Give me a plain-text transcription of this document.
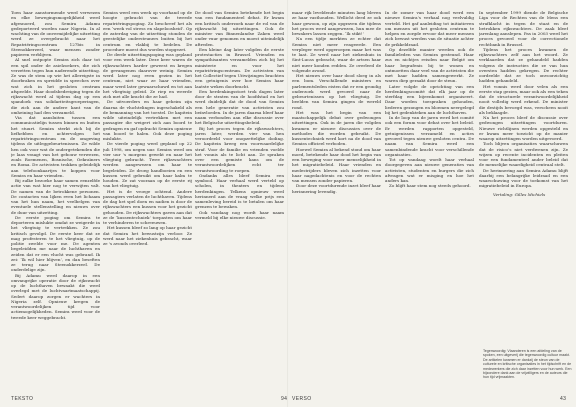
Toen haar aanstormende werd verwezen en elke bewegingsmogelijkheid werd afgesnoerd, zou Semira Adamu gedeporteerd worden naar Nigeria. In al wachting van de onvermijdelijke uitzetting werd ze overgebracht naar het Repatriëringscentrum 127bis in Steenokkerzeel, waar mensen zonder papieren verblijven.

Al snel ontpopte Semira zich daar tot een spil onder de asielzoekers, die zich verzetten tegen hun naderende uitzetting. Ze was de stem op wie het allereigste in doorbraken en spreidde in speeches over wat zich in het gesloten centrum afspeelde. Haar doodsbedreiging tegen de rijkswacht werd al tijdens dag op een spandoek van solidariteitsgroeperingen, die zich aan de andere kant van de omheining had den verzameld.

Via dat aansluiten tussen een communicatielijn tussen binnen en buiten het stuurt. Semira sterkt zich bij de liefhebben en achtervolgen het repatriëringscentrum en de omgeving tijdens de uitleggebeurtenissen. Ze wilde hen ook voor wat de ondergetekenden die je laas vraagt van het gebouw verwezen, zoals Roemenen, Bosnische, Oekraïners en Roma. De activisten trokken geleidelijk aan telefoonkaartjes te koppen voor Semira en haar vrienden.

Bij zulke bezoeke haar samen eenzelfde actie van wat hier nog te verwijten valt. De namen van de betrokkene personen. De contacten van lijken even het lichaam van het hun naam, het veelbelgen van eventuele stellenstelling en nieuws over de duur van uitzetting.

De eerste poging om Semira te deporteren mislukte omdat ze weigerde in het vliegtuig te vertrekken. Ze zou kritisch gevolgd. De eerste keer dat ze mag profesteren te het vliegtuig, op de politie zwelde voor me. De agenten begeleidden me naar de luchthaven en zeiden dat er een vlucht was gebrand. Ik zei: ‘Ik wil hier blijven’, en dan beseften ze terug naar Steenokkerzeel. De onderdelige zijn.

Bij Adamu werd daarop in een omvangrijke operatie door de rijkswacht op de luchthaven bewaakt die werd overlegd met de luchtvaartmaatschappij. Sedert daarop zorgen er wachters in Nigeria zelf. Opnieuw kregen de verantwoordelijken tijd voor actiemogelijkheden. Semira werd voor de tweede keer weggebracht.

Semira werd een week op voorhand op de hoogte gebracht van de tweede repatriëringspoging. Zo beschreef het als een ‘week vol stress en slapeloosheid’. Op de zaterdag van de uitzetting stonden de geestelijke ondersteuners buiten bij het centrum en vlakbij te bedelen. De procedure moest dus worden stopgezet.

De derde uitzettingspoging was gepland voor een week later. Deze keer waren de rijkswachters harder geweest en kregen de gevangenen daarover weinig. Semira werd later nog even gezien in het centrum, niet waar ze haar vrienden, maar werd later gewaarschuwd en tot aan het vliegtuig geleid. Ze riep en weerde zich met alle kracht die ze had.

De uitvoerders en haar geheim zijn daarna de vluchtelingen ingeschakeld als de bemanning van het toestel. De kapitein wilde uiteindelijk vertrekken met een passagier die weigert zich aan boord te gedragen en gaf opdracht Semira opnieuw van boord te halen. Ook deze poging mislukte.

De vierde poging werd gepland op 22 juli 1998, om negen uur. Semira werd om vier uur 's morgens gewekt en naar het vliegtuig gebracht. Twee rijkswachters werden aangewezen om haar te begeleiden. Ze droeg handboeien en een kussen werd gebruikt om haar kalm te houden. Ze zat vooraan op de eerste rij van het vliegtuig.

Het is de vroege ochtend. Andere passagiers verlaten de luchthaven. Tijdens de dag het spel doen en nadien is door de rijkswachters een kussen voor het gezicht gehouden. De rijkswachters gaven aan dat ze de ‘kussentechniek’ toepasten om haar te verhinderen te schreeuwen.

Het kussen bleef zo lang op haar gezicht dat Semira het bewustzijn verloor. Ze werd naar het ziekenhuis gebracht, waar ze 's avonds overleed.

De dood van Semira betekende het begin van een fundamenteel debat. Er kwam een kritisch onderzoek naar de rol van de rijkswacht bij uitzettingen. Ook de minister van Binnenlandse Zaken werd onder vuur genomen en moest uiteindelijk aftreden.

Een kleine dag later volgden de eerste protestacties in Brussel. Vrienden en sympathisanten verzamelden zich bij het ministerie en voor het repatriëringscentrum. De activisten van het Collectief tegen Uitwijzingen brachten een getuigenis over hoe Semira haar laatste weken doorbracht.

Een herdenkingsstoet trok dagen later door de straten van de hoofdstad en het werd duidelijk dat de dood van Semira een hele generatie van activisten zou beïnvloeden. In de jaren daarna bleef haar naam verbonden aan elke discussie over het Belgische uitzettingsbeleid.

Bij het proces tegen de rijkswachters, jaren later, werden vier van hen veroordeeld voor onopzettelijke doding. De kapitein kreeg een voorwaardelijke straf. Voor de familie en vrienden voelde het vonnis als te licht aan. Ze spraken over een gemiste kans om de verantwoordelijken echt ter verantwoording te roepen.

Ondanks alles bleef Semira een symbool. Haar verhaal werd verteld op scholen, in theaters en tijdens herdenkingen. Telkens opnieuw werd herinnerd aan de vraag welke prijs een samenleving bereid is te betalen om haar grenzen te bewaken.

Ook vandaag nog wordt haar naam vermeld bij elke nieuwe discussie.

TEKSTO	94

maar rijk leveldende minuten lang bleven ze haar vasthouden. Wellicht deed ze ook haar gewoon, op zijn opgraven die tijdens het proces werd aangewezen, hun mee de bewakers lassen zeggen. ‘Ik stikt!’

Na een tijdje merkten ze echter dat Semira niet meer reageerde. Een verpleger werd opgeroepen maar het was te laat. Ze werd naar het ziekenhuis in Sint-Lucas gebracht, waar de artsen haar niet meer konden redden. Ze overleed de volgende avond.

Het nieuws over haar dood sloeg in als een bom. Verschillende ministers en parlementsleden eisten dat er een grondig onderzoek werd gevoerd naar de gebeurtenissen op het vliegtuig. De beelden van Semira gingen de wereld rond.

Het was het begin van een maatschappelijk debat over gedwongen uitzettingen. Ook in de jaren die volgden kwamen er nieuwe discussies over de methodes die worden gebruikt. De kussentechniek werd kort na de dood van Semira officieel verboden.

Hoewel Semira al bekend stond om haar moed, betekende haar dood het begin van een beweging voor meer menselijkheid in het migratiebeleid. Haar vrienden en medestrijders bleven zich inzetten voor haar nagedachtenis en voor de rechten van mensen zonder papieren.

Door deze voortdurende inzet bleef haar herinnering levendig.

In de zomer van haar dood werd een nieuwe Semira’s verhaal nog veelvuldig verteld. Het gaf aanleiding tot initiatieven om mensen uit het gesloten centrum te helpen en zorgde ervoor dat meer mensen zich bewust werden van de situatie achter de prikkeldraad.

Op dezelfde manier werden ook de familieleden van Semira gesteund. Haar zus en nichtjes reisden naar België om haar begrafenis bij te wonen en ontmoetten daar veel van de activisten die met haar hadden samengewerkt. Ze waren diep geraakt door de steun.

Later volgde de oprichting van een herdenkingscomité dat elk jaar op de sterfdag een bijeenkomst organiseert. Daar worden toespraken gehouden, liederen gezongen en bloemen neergelegd bij het gedenkteken aan de luchthaven.

In de loop van de jaren werd het comité ook een forum voor debat over het beleid. Er werden rapporten opgesteld, getuigenissen verzameld en acties gevoerd tegen nieuwe gesloten centra. De naam van Semira werd een samenbindende kracht voor verschillende organisaties.

Tot op vandaag wordt haar verhaal doorgegeven aan nieuwe generaties van activisten, studenten en burgers die zich afvragen wat er misging en hoe het anders kan.

Zo blijft haar stem nog steeds gehoord.

In september 1999 diende de Belgische Liga voor de Rechten van de Mens een strafklacht in tegen de staat en de betrokken rijkswachters. De zaak bleef jarenlang aanslepen. Pas in 2003 werd het proces gevoerd voor de correctionele rechtbank in Brussel.

Tijdens het proces kwamen de rijkswachters zelf aan het woord. Ze verklaarden dat ze gehandeld hadden volgens de instructies die ze van hun oversten hadden gekregen. De rechter oordeelde dat ze toch onvoorzichtig hadden gehandeld.

Het vonnis werd door velen als een eerste stap gezien, maar ook als een teken dat de structurele verantwoordelijkheid nooit volledig werd erkend. De minister die destijds bevoegd was, verscheen nooit als beklaagde.

Na het proces bleef de discussie over gedwongen uitzettingen voortduren. Nieuwe richtlijnen werden opgesteld en er kwam meer toezicht op de manier waarop uitzettingen worden uitgevoerd.

Toch blijven organisaties waarschuwen dat de risico’s niet verdwenen zijn. Ze wijzen op recente incidenten en pleiten voor een fundamenteel ander beleid dat de menselijke waardigheid centraal stelt.

De herinnering aan Semira Adamu blijft daarbij een belangrijke leidraad en een waarschuwing voor de toekomst van het migratiebeleid in Europa.

Vertaling: Gilles Michiels

VERSO	43
Tegenwoordig: Vlaanderen is een afdeling van de spoken, een uitgeverij die tegenwoordig cultuur maakt. De artikelen kwamen er dankzij de steun van de culturele en kritische organisaties in het tijdschrift en de medewerkers die zich daar inzetten voor hun werk. Een bijzondere dank aan de vrijwilligers en de auteurs die hun tijd vrijmaakten.
